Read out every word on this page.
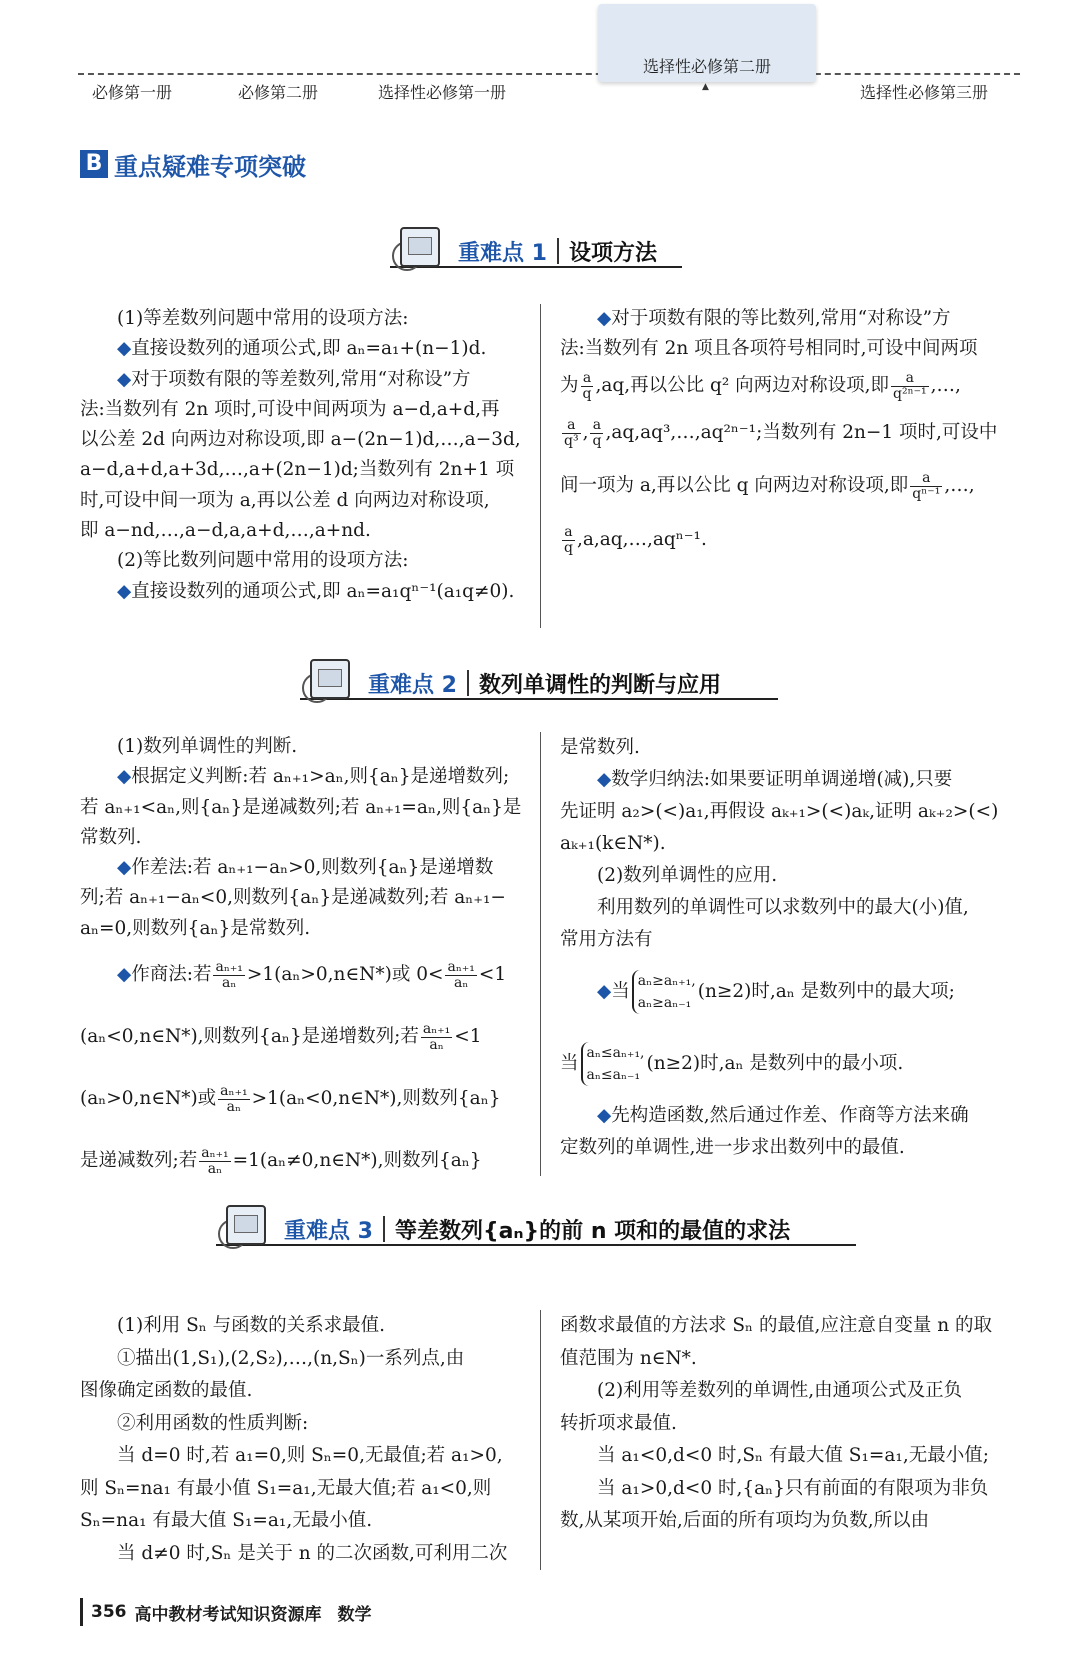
必修第一册	必修第二册	选择性必修第一册
选择性必修第二册
▲	选择性必修第三册
B 重点疑难专项突破
重难点 1 设项方法

(1)等差数列问题中常用的设项方法:

◆直接设数列的通项公式,即 aₙ=a₁+(n−1)d.

◆对于项数有限的等差数列,常用“对称设”方

法:当数列有 2n 项时,可设中间两项为 a−d,a+d,再

以公差 2d 向两边对称设项,即 a−(2n−1)d,…,a−3d,

a−d,a+d,a+3d,…,a+(2n−1)d;当数列有 2n+1 项

时,可设中间一项为 a,再以公差 d 向两边对称设项,

即 a−nd,…,a−d,a,a+d,…,a+nd.

(2)等比数列问题中常用的设项方法:

◆直接设数列的通项公式,即 aₙ=a₁qⁿ⁻¹(a₁q≠0).

◆对于项数有限的等比数列,常用“对称设”方

法:当数列有 2n 项且各项符号相同时,可设中间两项

为 $\frac{a}{q} ,aq$,再以公比 q² 向两边对称设项,即 $\frac{a}{\text{q²ⁿ⁻¹}}$ ,…,

$\frac{a}{\text{q³}}$ , $\frac{a}{q}$ ,aq,aq³,…,aq²ⁿ⁻¹;当数列有 2n−1 项时,可设中

间一项为 a,再以公比 q 向两边对称设项,即 $\frac{a}{\text{qⁿ⁻¹}}$ ,…,

$\frac{a}{q}$ ,a,aq,…,aqⁿ⁻¹.

重难点 2 数列单调性的判断与应用

(1)数列单调性的判断.

◆根据定义判断:若 aₙ₊₁>aₙ,则{aₙ}是递增数列;

若 aₙ₊₁<aₙ,则{aₙ}是递减数列;若 aₙ₊₁=aₙ,则{aₙ}是

常数列.

◆作差法:若 aₙ₊₁−aₙ>0,则数列{aₙ}是递增数

列;若 aₙ₊₁−aₙ<0,则数列{aₙ}是递减数列;若 aₙ₊₁−

aₙ=0,则数列{aₙ}是常数列.

◆作商法:若 $\frac{\text{aₙ₊₁}}{\text{aₙ}}$ >1(aₙ>0,n∈N*)或 $0< \frac{\text{aₙ₊₁}}{\text{aₙ}} <1$

(aₙ<0,n∈N*),则数列{aₙ}是递增数列;若 $\frac{\text{aₙ₊₁}}{\text{aₙ}} <1$

(aₙ>0,n∈N*)或 $\frac{\text{aₙ₊₁}}{\text{aₙ}}$ >1(aₙ<0,n∈N*),则数列{aₙ}

是递减数列;若 $\frac{\text{aₙ₊₁}}{\text{aₙ}}$ =1(aₙ≠0,n∈N*),则数列{aₙ}

是常数列.

◆数学归纳法:如果要证明单调递增(减),只要

先证明 a₂>(<)a₁,再假设 aₖ₊₁>(<)aₖ,证明 aₖ₊₂>(<)

aₖ₊₁(k∈N*).

(2)数列单调性的应用.

利用数列的单调性可以求数列中的最大(小)值,

常用方法有

◆当 aₙ≥aₙ₊₁,
aₙ≥aₙ₋₁
(n≥2)时,aₙ 是数列中的最大项;

当 aₙ≤aₙ₊₁,
aₙ≤aₙ₋₁
(n≥2)时,aₙ 是数列中的最小项.

◆先构造函数,然后通过作差、作商等方法来确

定数列的单调性,进一步求出数列中的最值.

重难点 3 等差数列{aₙ}的前 n 项和的最值的求法

(1)利用 Sₙ 与函数的关系求最值.

①描出(1,S₁),(2,S₂),…,(n,Sₙ)一系列点,由

图像确定函数的最值.

②利用函数的性质判断:

当 d=0 时,若 a₁=0,则 Sₙ=0,无最值;若 a₁>0,

则 Sₙ=na₁ 有最小值 S₁=a₁,无最大值;若 a₁<0,则

Sₙ=na₁ 有最大值 S₁=a₁,无最小值.

当 d≠0 时,Sₙ 是关于 n 的二次函数,可利用二次

函数求最值的方法求 Sₙ 的最值,应注意自变量 n 的取

值范围为 n∈N*.

(2)利用等差数列的单调性,由通项公式及正负

转折项求最值.

当 a₁<0,d<0 时,Sₙ 有最大值 S₁=a₁,无最小值;

当 a₁>0,d<0 时,{aₙ}只有前面的有限项为非负

数,从某项开始,后面的所有项均为负数,所以由

356 高中教材考试知识资源库 数学
